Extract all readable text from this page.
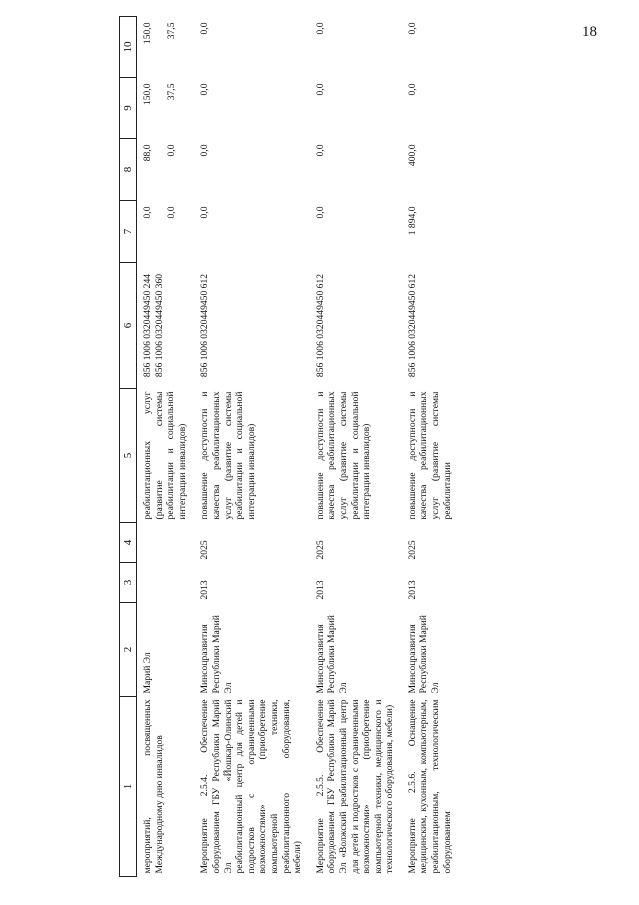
18
1	2	3	4	5	6	7	8	9	10
мероприятий, посвященных Международному дню инвалидов	Марий Эл			реабилитационных услуг (развитие системы реабилитации и социальной интеграции инвалидов)	856 1006 0320449450 244 856 1006 0320449450 360	0,0 0,0	88,0 0,0	150,0 37,5	150,0 37,5

Мероприятие 2.5.4. Обеспечение оборудованием ГБУ Республики Марий Эл «Йошкар-Олинский реабилитационный центр для детей и подростков с ограниченными возможностями» (приобретение компьютерной техники, реабилитационного оборудования, мебели)	Минсоцразвития Республики Марий Эл	2013	2025	повышение доступности и качества реабилитационных услуг (развитие системы реабилитации и социальной интеграции инвалидов)	856 1006 0320449450 612	0,0	0,0	0,0	0,0
Мероприятие 2.5.5. Обеспечение оборудованием ГБУ Республики Марий Эл «Волжский реабилитационный центр для детей и подростков с ограниченными возможностями» (приобретение компьютерной техники, медицинского и технологического оборудования, мебели)	Минсоцразвития Республики Марий Эл	2013	2025	повышение доступности и качества реабилитационных услуг (развитие системы реабилитации и социальной интеграции инвалидов)	856 1006 0320449450 612	0,0	0,0	0,0	0,0
Мероприятие 2.5.6. Оснащение медицинским, кухонным, компьютерным, реабилитационным, технологическим оборудованием	Минсоцразвития Республики Марий Эл	2013	2025	повышение доступности и качества реабилитационных услуг (развитие системы реабилитации	856 1006 0320449450 612	1 894,0	400,0	0,0	0,0
